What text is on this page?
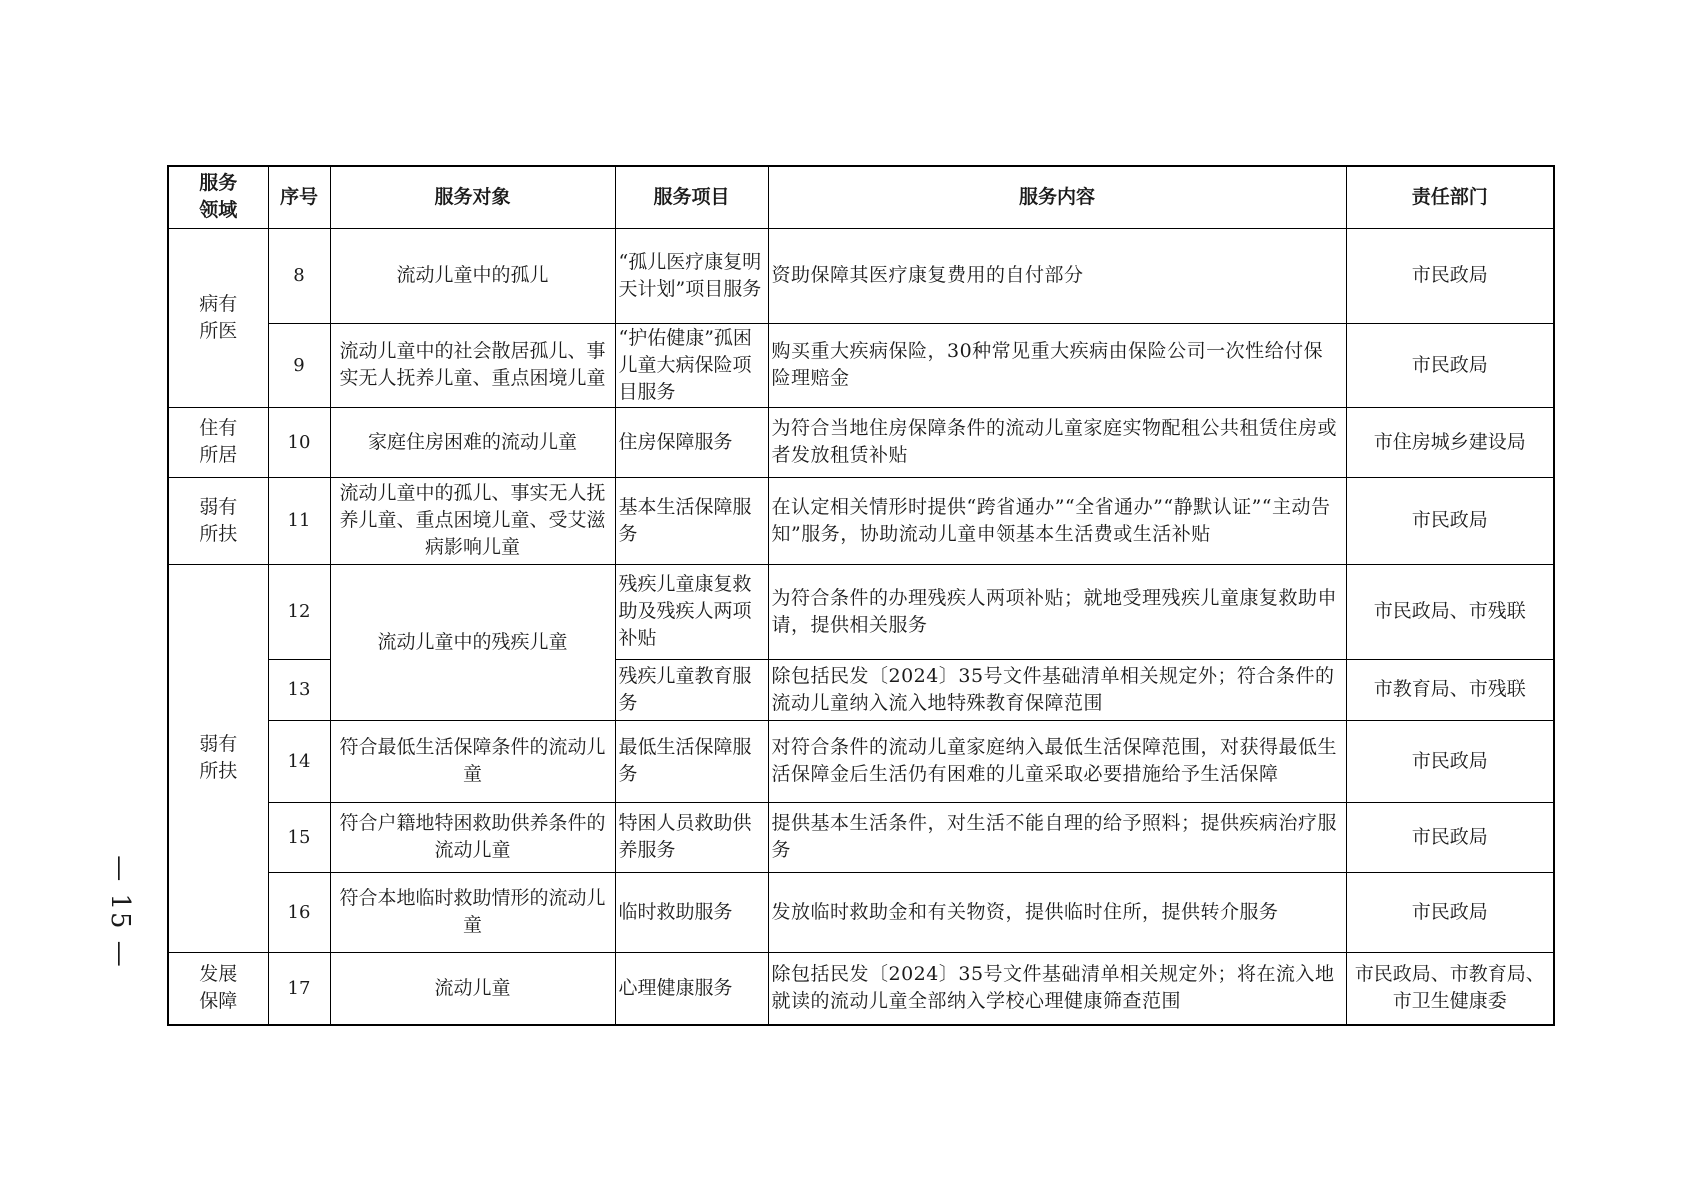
— 15 —
服务
领域	序号	服务对象	服务项目	服务内容	责任部门
病有
所医	8	流动儿童中的孤儿	“孤儿医疗康复明天计划”项目服务	资助保障其医疗康复费用的自付部分	市民政局
	9	流动儿童中的社会散居孤儿、事实无人抚养儿童、重点困境儿童	“护佑健康”孤困儿童大病保险项目服务	购买重大疾病保险，30种常见重大疾病由保险公司一次性给付保险理赔金	市民政局
住有
所居	10	家庭住房困难的流动儿童	住房保障服务	为符合当地住房保障条件的流动儿童家庭实物配租公共租赁住房或者发放租赁补贴	市住房城乡建设局
弱有
所扶	11	流动儿童中的孤儿、事实无人抚养儿童、重点困境儿童、受艾滋病影响儿童	基本生活保障服务	在认定相关情形时提供“跨省通办”“全省通办”“静默认证”“主动告知”服务，协助流动儿童申领基本生活费或生活补贴	市民政局
弱有
所扶	12	流动儿童中的残疾儿童	残疾儿童康复救助及残疾人两项补贴	为符合条件的办理残疾人两项补贴；就地受理残疾儿童康复救助申请，提供相关服务	市民政局、市残联
	13		残疾儿童教育服务	除包括民发〔2024〕35号文件基础清单相关规定外；符合条件的流动儿童纳入流入地特殊教育保障范围	市教育局、市残联
	14	符合最低生活保障条件的流动儿童	最低生活保障服务	对符合条件的流动儿童家庭纳入最低生活保障范围，对获得最低生活保障金后生活仍有困难的儿童采取必要措施给予生活保障	市民政局
	15	符合户籍地特困救助供养条件的流动儿童	特困人员救助供养服务	提供基本生活条件，对生活不能自理的给予照料；提供疾病治疗服务	市民政局
	16	符合本地临时救助情形的流动儿童	临时救助服务	发放临时救助金和有关物资，提供临时住所，提供转介服务	市民政局
发展
保障	17	流动儿童	心理健康服务	除包括民发〔2024〕35号文件基础清单相关规定外；将在流入地就读的流动儿童全部纳入学校心理健康筛查范围	市民政局、市教育局、市卫生健康委
